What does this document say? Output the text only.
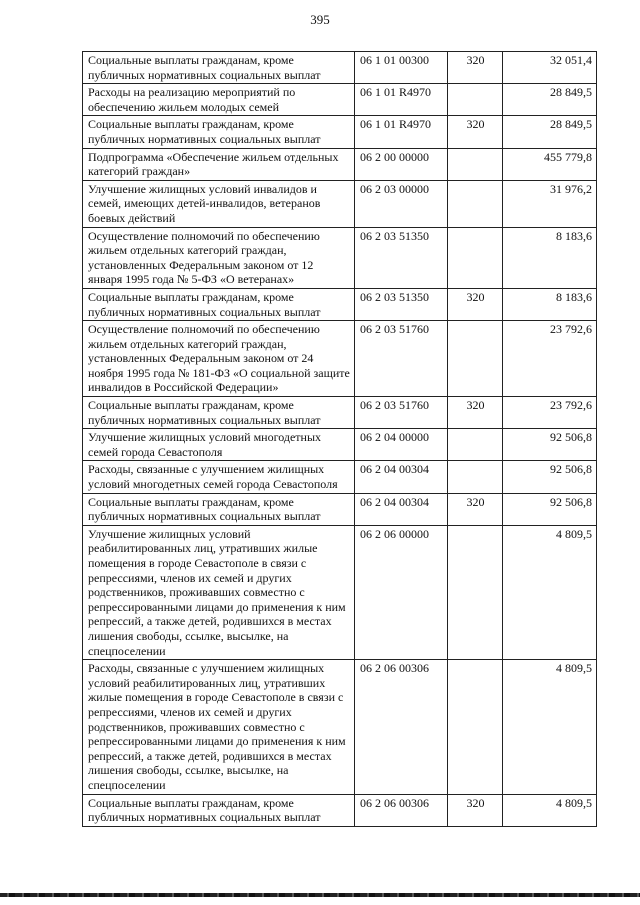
395
Социальные выплаты гражданам, кроме публичных нормативных социальных выплат	06 1 01 00300	320	32 051,4
Расходы на реализацию мероприятий по обеспечению жильем молодых семей	06 1 01 R4970		28 849,5
Социальные выплаты гражданам, кроме публичных нормативных социальных выплат	06 1 01 R4970	320	28 849,5
Подпрограмма «Обеспечение жильем отдельных категорий граждан»	06 2 00 00000		455 779,8
Улучшение жилищных условий инвалидов и семей, имеющих детей-инвалидов, ветеранов боевых действий	06 2 03 00000		31 976,2
Осуществление полномочий по обеспечению жильем отдельных категорий граждан, установленных Федеральным законом от 12 января 1995 года № 5-ФЗ «О ветеранах»	06 2 03 51350		8 183,6
Социальные выплаты гражданам, кроме публичных нормативных социальных выплат	06 2 03 51350	320	8 183,6
Осуществление полномочий по обеспечению жильем отдельных категорий граждан, установленных Федеральным законом от 24 ноября 1995 года № 181-ФЗ «О социальной защите инвалидов в Российской Федерации»	06 2 03 51760		23 792,6
Социальные выплаты гражданам, кроме публичных нормативных социальных выплат	06 2 03 51760	320	23 792,6
Улучшение жилищных условий многодетных семей города Севастополя	06 2 04 00000		92 506,8
Расходы, связанные с улучшением жилищных условий многодетных семей города Севастополя	06 2 04 00304		92 506,8
Социальные выплаты гражданам, кроме публичных нормативных социальных выплат	06 2 04 00304	320	92 506,8
Улучшение жилищных условий реабилитированных лиц, утративших жилые помещения в городе Севастополе в связи с репрессиями, членов их семей и других родственников, проживавших совместно с репрессированными лицами до применения к ним репрессий, а также детей, родившихся в местах лишения свободы, ссылке, высылке, на спецпоселении	06 2 06 00000		4 809,5
Расходы, связанные с улучшением жилищных условий реабилитированных лиц, утративших жилые помещения в городе Севастополе в связи с репрессиями, членов их семей и других родственников, проживавших совместно с репрессированными лицами до применения к ним репрессий, а также детей, родившихся в местах лишения свободы, ссылке, высылке, на спецпоселении	06 2 06 00306		4 809,5
Социальные выплаты гражданам, кроме публичных нормативных социальных выплат	06 2 06 00306	320	4 809,5
